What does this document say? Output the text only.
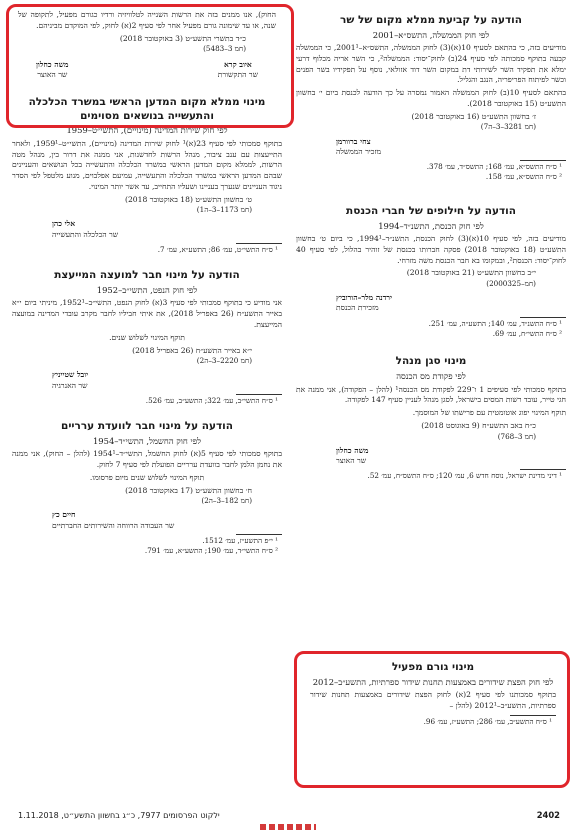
הודעה על קביעת ממלא מקום של שר
לפי חוק הממשלה, התשס״א–2001

מודיעים בזה, כי בהתאם לסעיף 10(א)(3) לחוק הממשלה, התשס״א–2001¹, כי הממשלה קבעה בתוקף סמכותה לפי סעיף 24(ב) לחוק־יסוד: הממשלה², כי השר אריה מכלוף דרעי ימלא את תפקיד השר לשירותי דת במקום השר דוד אזולאי, נוסף על תפקידיו בשר הפנים וכשר לפיתוח הפריפריה, הנגב והגליל.

בהתאם לסעיף 10(ב) לחוק הממשלה האמור נמסרה על כך הודעה לכנסת ביום י׳ בחשוון התשע״ט (15 באוקטובר 2018).

ז׳ בחשוון התשע״ט (16 באוקטובר 2018)
(חמ 3281–3–ה7)
צחי ברוורמן
מזכיר הממשלה
¹ ס״ח התשס״א, עמ׳ 168; התשס״ד, עמ׳ 378.
² ס״ח התשס״א, עמ׳ 158.
הודעה על חילופים של חברי הכנסת
לפי חוק הכנסת, התשנ״ד–1994

מודיעים בזה, לפי סעיף 10(א)(3) לחוק הכנסת, התשנ״ד–1994¹, כי ביום ט׳ בחשוון התשע״ט (18 באוקטובר 2018) פסקה חברותו בכנסת של זוהיר בהלול, לפי סעיף 40 לחוק־יסוד: הכנסת², ובמקומו בא חבר הכנסת משה מזרחי.

י״ב בחשוון התשע״ט (21 באוקטובר 2018)
(חמ–2000325)
ירדנה מלר–הורוביץ
מזכירת הכנסת
¹ ס״ח התשנ״ד, עמ׳ 140; התשע״ה, עמ׳ 251.
² ס״ח התשי״ח, עמ׳ 69.
מינוי סגן מנהל
לפי פקודת מס הכנסה

בתוקף סמכותי לפי סעיפים 1 ו־229 לפקודת מס הכנסה¹ (להלן – הפקודה), אני ממנה את חגי טייר, עובד רשות המסים בישראל, לסגן מנהל לעניין סעיף 147 לפקודה.

תוקף המינוי יפוג אוטומטית עם פרישתו של המוסמך.

כ״ח באב התשע״ח (9 באוגוסט 2018)
(חמ 3–768)
משה כחלון
שר האוצר
¹ דיני מדינת ישראל, נוסח חדש 6, עמ׳ 120; ס״ח התשס״ח, עמ׳ 52.
מינוי גורם מפעיל
לפי חוק הפצת שידורים באמצעות תחנות שידור ספרתיות, התשע״ב–2012

בתוקף סמכותנו לפי סעיף 2(א) לחוק הפצת שידורים באמצעות תחנות שידור ספרתיות, התשע״ב–2012¹ (להלן –

¹ ס״ח התשע״ב, עמ׳ 286; התשע״ז, עמ׳ 96.

החוק), אנו ממנים בזה את הרשות השנייה לטלוויזיה ורדיו כגורם מפעיל, לתקופה של שנה, או עד שימונה גורם מפעיל אחר לפי סעיף 2(א) לחוק, לפי המוקדם מביניהם.

כ״ד בתשרי התשע״ט (3 באוקטובר 2018)
(חמ 3–5483)
איוב קרא
שר התקשורת
משה כחלון
שר האוצר
מינוי ממלא מקום המדען הראשי במשרד הכלכלה והתעשייה בנושאים מסוימים
לפי חוק שירות המדינה (מינויים), התשי״ט–1959

בתוקף סמכותי לפי סעיף 23(א)¹ לחוק שירות המדינה (מינויים), התשי״ט–1959¹, ולאחר התייעצות עם ענב ציבור, מנהל הרשות לחדשנות, אני ממנה את דרור בין, מנהל מטה הרשות, לממלא מקום המדען הראשי במשרד הכלכלה והתעשייה בכל הנושאים והעניינים שבהם המדען הראשי במשרד הכלכלה והתעשייה, עמיעם אפלבוים, מנוע מלטפל לפי הסדר ניגוד העניינים שנערך בעניינו ושעליו התחייב, עד אשר יותר המינוי.

ט׳ בחשוון התשע״ט (18 באוקטובר 2018)
(חמ 1173–3–ה1)
אלי כהן
שר הכלכלה והתעשייה
¹ ס״ח התשי״ט, עמ׳ 86; התשע״א, עמ׳ 7.
הודעה על מינוי חבר למועצה המייעצת
לפי חוק הנפט, התשי״ב–1952

אני מודיע כי בתוקף סמכותי לפי סעיף 3(א) לחוק הנפט, התשי״ב–1952¹, מיניתי ביום י״א באייר התשע״ח (26 באפריל 2018), את איתי חביליו לחבר מקרב עובדי המדינה במועצה המייעצת.

תוקף המינוי לשלוש שנים.

י״א באייר התשע״ח (26 באפריל 2018)
(חמ 2220–3–ה2)
יובל שטייניץ
שר האנרגיה
¹ ס״ח התשי״ב, עמ׳ 322; התשע״ב, עמ׳ 526.
הודעה על מינוי חבר לוועדת ערריים
לפי חוק החשמל, התשי״ד–1954

בתוקף סמכותי לפי סעיף 5(א) לחוק החשמל, התשי״ד–1954¹ (להלן – החוק), אני ממנה את נחמן הלמן לחבר בוועדת ערריים הפועלת לפי סעיף 7 לחוק.

תוקף המינוי לשלוש שנים מיום פרסומו.

ח׳ בחשוון התשע״ט (17 באוקטובר 2018)
(חמ 182–3–ה2)
חיים כץ
שר העבודה הרווחה והשירותים החברתיים
¹ י״פ התשע״ז, עמ׳ 1512.
² ס״ח התשי״ד, עמ׳ 190; התשע״א, עמ׳ 791.
2402
ילקוט הפרסומים 7977, כ״ג בחשוון התשע״ט, 1.11.2018
